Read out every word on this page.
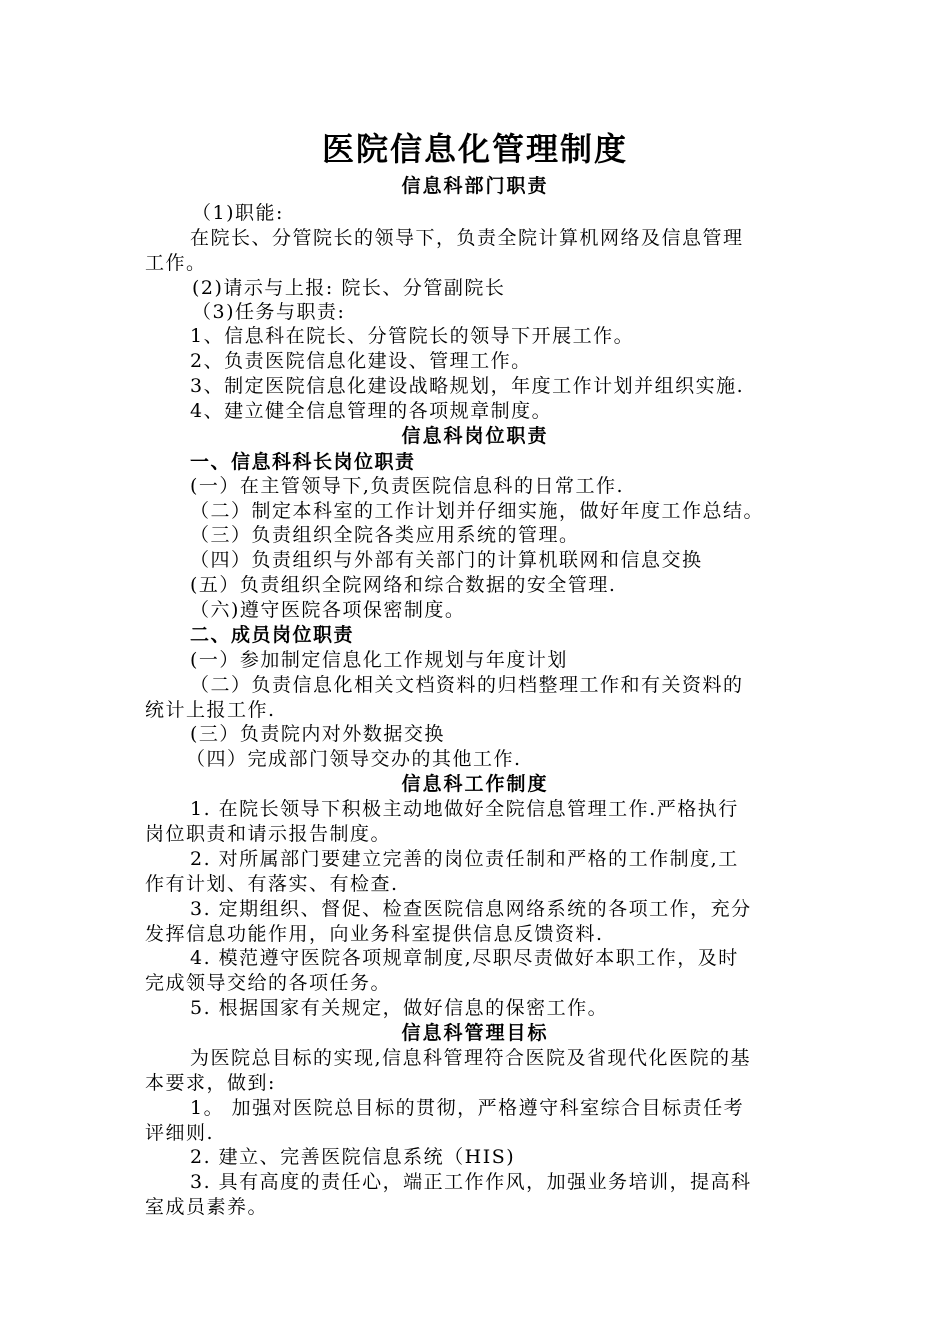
医院信息化管理制度
信息科部门职责
（1)职能:
在院长、分管院长的领导下，负责全院计算机网络及信息管理
工作。
(2)请示与上报: 院长、分管副院长
（3)任务与职责:
1、信息科在院长、分管院长的领导下开展工作。
2、负责医院信息化建设、管理工作。
3、制定医院信息化建设战略规划，年度工作计划并组织实施.
4、建立健全信息管理的各项规章制度。
信息科岗位职责
一、信息科科长岗位职责
(一）在主管领导下,负责医院信息科的日常工作.
（二）制定本科室的工作计划并仔细实施，做好年度工作总结。
（三）负责组织全院各类应用系统的管理。
（四）负责组织与外部有关部门的计算机联网和信息交换
(五）负责组织全院网络和综合数据的安全管理.
（六)遵守医院各项保密制度。
二、成员岗位职责
(一）参加制定信息化工作规划与年度计划
（二）负责信息化相关文档资料的归档整理工作和有关资料的
统计上报工作.
(三）负责院内对外数据交换
（四）完成部门领导交办的其他工作.
信息科工作制度
1. 在院长领导下积极主动地做好全院信息管理工作.严格执行
岗位职责和请示报告制度。
2. 对所属部门要建立完善的岗位责任制和严格的工作制度,工
作有计划、有落实、有检查.
3. 定期组织、督促、检查医院信息网络系统的各项工作，充分
发挥信息功能作用，向业务科室提供信息反馈资料.
4. 模范遵守医院各项规章制度,尽职尽责做好本职工作，及时
完成领导交给的各项任务。
5. 根据国家有关规定，做好信息的保密工作。
信息科管理目标
为医院总目标的实现,信息科管理符合医院及省现代化医院的基
本要求，做到:
1。 加强对医院总目标的贯彻，严格遵守科室综合目标责任考
评细则.
2. 建立、完善医院信息系统（HIS)
3. 具有高度的责任心，端正工作作风，加强业务培训，提高科
室成员素养。
